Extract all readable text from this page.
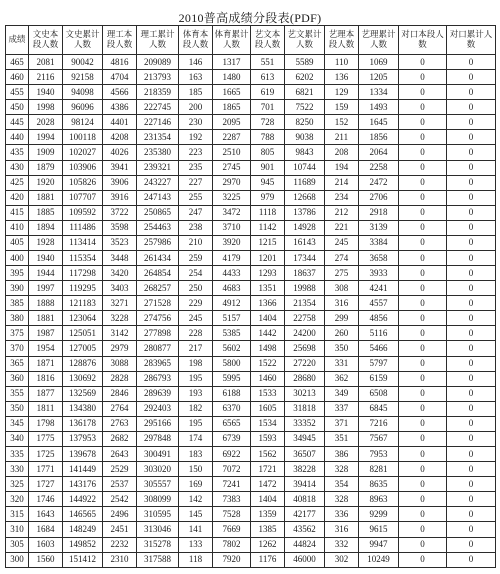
2010普高成绩分段表(PDF)
成绩	文史本段人数	文史累计人数	理工本段人数	理工累计人数	体育本段人数	体育累计人数	艺文本段人数	艺文累计人数	艺理本段人数	艺理累计人数	对口本段人数	对口累计人数
465	2081	90042	4816	209089	146	1317	551	5589	110	1069	0	0
460	2116	92158	4704	213793	163	1480	613	6202	136	1205	0	0
455	1940	94098	4566	218359	185	1665	619	6821	129	1334	0	0
450	1998	96096	4386	222745	200	1865	701	7522	159	1493	0	0
445	2028	98124	4401	227146	230	2095	728	8250	152	1645	0	0
440	1994	100118	4208	231354	192	2287	788	9038	211	1856	0	0
435	1909	102027	4026	235380	223	2510	805	9843	208	2064	0	0
430	1879	103906	3941	239321	235	2745	901	10744	194	2258	0	0
425	1920	105826	3906	243227	227	2970	945	11689	214	2472	0	0
420	1881	107707	3916	247143	255	3225	979	12668	234	2706	0	0
415	1885	109592	3722	250865	247	3472	1118	13786	212	2918	0	0
410	1894	111486	3598	254463	238	3710	1142	14928	221	3139	0	0
405	1928	113414	3523	257986	210	3920	1215	16143	245	3384	0	0
400	1940	115354	3448	261434	259	4179	1201	17344	274	3658	0	0
395	1944	117298	3420	264854	254	4433	1293	18637	275	3933	0	0
390	1997	119295	3403	268257	250	4683	1351	19988	308	4241	0	0
385	1888	121183	3271	271528	229	4912	1366	21354	316	4557	0	0
380	1881	123064	3228	274756	245	5157	1404	22758	299	4856	0	0
375	1987	125051	3142	277898	228	5385	1442	24200	260	5116	0	0
370	1954	127005	2979	280877	217	5602	1498	25698	350	5466	0	0
365	1871	128876	3088	283965	198	5800	1522	27220	331	5797	0	0
360	1816	130692	2828	286793	195	5995	1460	28680	362	6159	0	0
355	1877	132569	2846	289639	193	6188	1533	30213	349	6508	0	0
350	1811	134380	2764	292403	182	6370	1605	31818	337	6845	0	0
345	1798	136178	2763	295166	195	6565	1534	33352	371	7216	0	0
340	1775	137953	2682	297848	174	6739	1593	34945	351	7567	0	0
335	1725	139678	2643	300491	183	6922	1562	36507	386	7953	0	0
330	1771	141449	2529	303020	150	7072	1721	38228	328	8281	0	0
325	1727	143176	2537	305557	169	7241	1472	39414	354	8635	0	0
320	1746	144922	2542	308099	142	7383	1404	40818	328	8963	0	0
315	1643	146565	2496	310595	145	7528	1359	42177	336	9299	0	0
310	1684	148249	2451	313046	141	7669	1385	43562	316	9615	0	0
305	1603	149852	2232	315278	133	7802	1262	44824	332	9947	0	0
300	1560	151412	2310	317588	118	7920	1176	46000	302	10249	0	0
